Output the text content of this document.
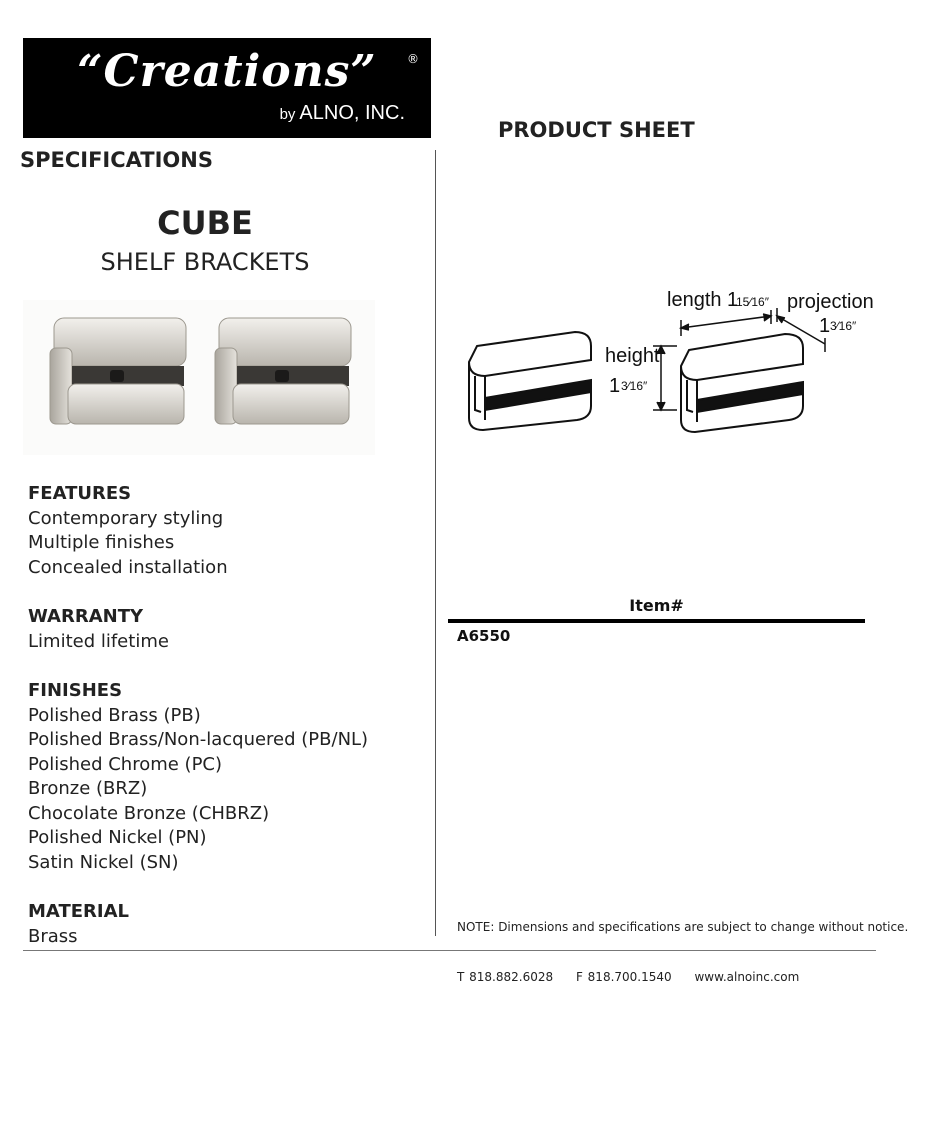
“Creations”	®
by ALNO, INC.
SPECIFICATIONS
PRODUCT SHEET
CUBE
SHELF BRACKETS
FEATURES
Contemporary styling
Multiple finishes
Concealed installation
WARRANTY
Limited lifetime
FINISHES
Polished Brass (PB)
Polished Brass/Non-lacquered (PB/NL)
Polished Chrome (PC)
Bronze (BRZ)
Chocolate Bronze (CHBRZ)
Polished Nickel (PN)
Satin Nickel (SN)
MATERIAL
Brass
length 1
15⁄16″ projection
1 3⁄16″
height
1 3⁄16″
Item#
A6550
NOTE: Dimensions and specifications are subject to change without notice.
T 818.882.6028 F 818.700.1540 www.alnoinc.com
